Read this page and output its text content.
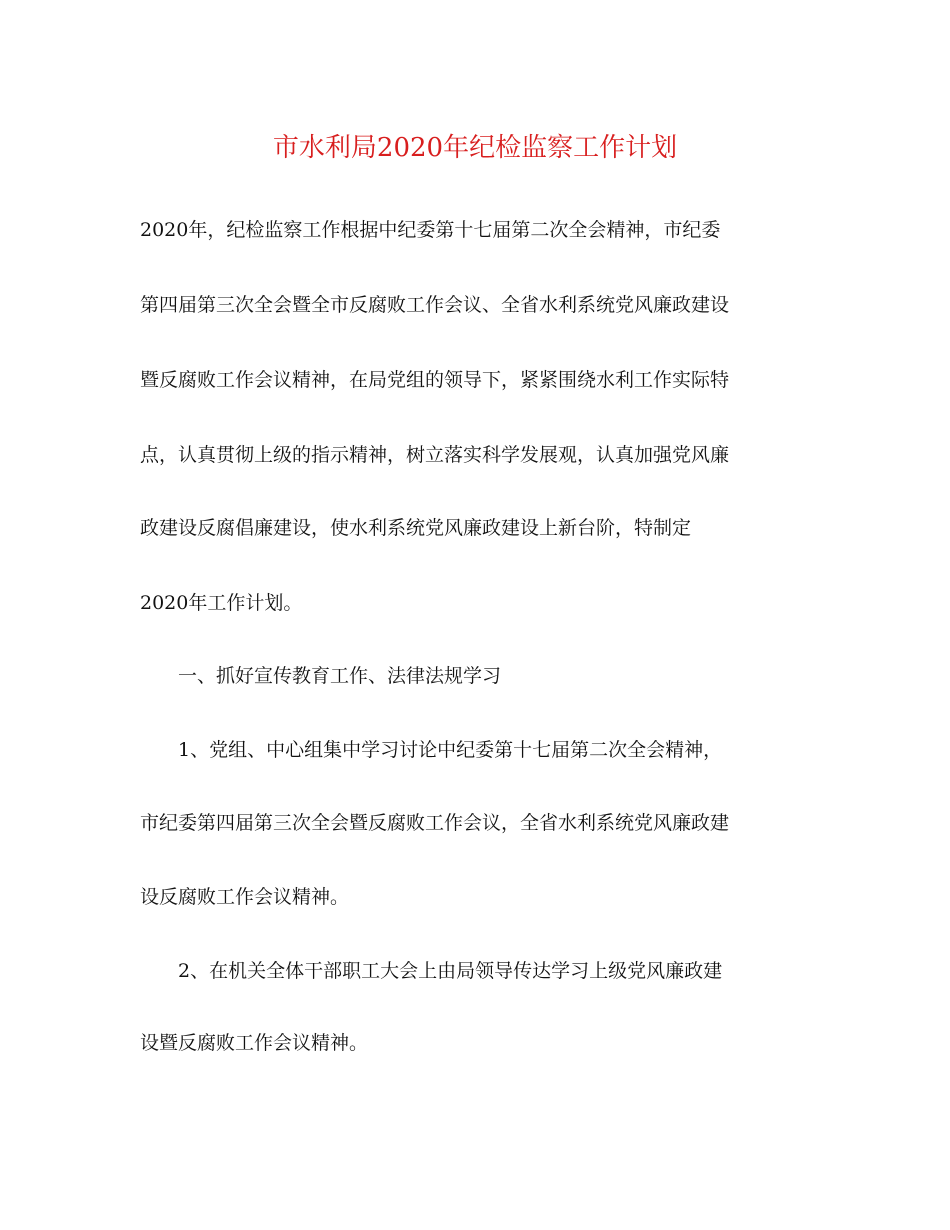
市水利局2020年纪检监察工作计划
2020年，纪检监察工作根据中纪委第十七届第二次全会精神，市纪委
第四届第三次全会暨全市反腐败工作会议、全省水利系统党风廉政建设
暨反腐败工作会议精神，在局党组的领导下，紧紧围绕水利工作实际特
点，认真贯彻上级的指示精神，树立落实科学发展观，认真加强党风廉
政建设反腐倡廉建设，使水利系统党风廉政建设上新台阶，特制定
2020年工作计划。
一、抓好宣传教育工作、法律法规学习
1、党组、中心组集中学习讨论中纪委第十七届第二次全会精神，
市纪委第四届第三次全会暨反腐败工作会议，全省水利系统党风廉政建
设反腐败工作会议精神。
2、在机关全体干部职工大会上由局领导传达学习上级党风廉政建
设暨反腐败工作会议精神。
